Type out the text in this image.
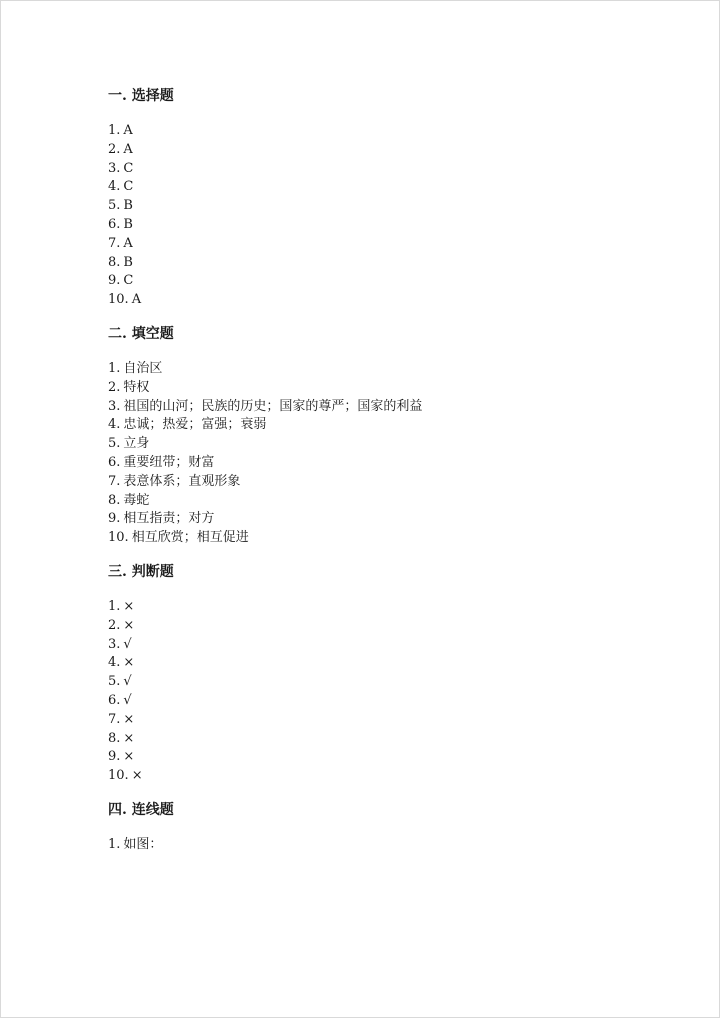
一. 选择题
1. A
2. A
3. C
4. C
5. B
6. B
7. A
8. B
9. C
10. A
二. 填空题
1. 自治区
2. 特权
3. 祖国的山河；民族的历史；国家的尊严；国家的利益
4. 忠诚；热爱；富强；衰弱
5. 立身
6. 重要纽带；财富
7. 表意体系；直观形象
8. 毒蛇
9. 相互指责；对方
10. 相互欣赏；相互促进
三. 判断题
1. ×
2. ×
3. √
4. ×
5. √
6. √
7. ×
8. ×
9. ×
10. ×
四. 连线题
1. 如图：
